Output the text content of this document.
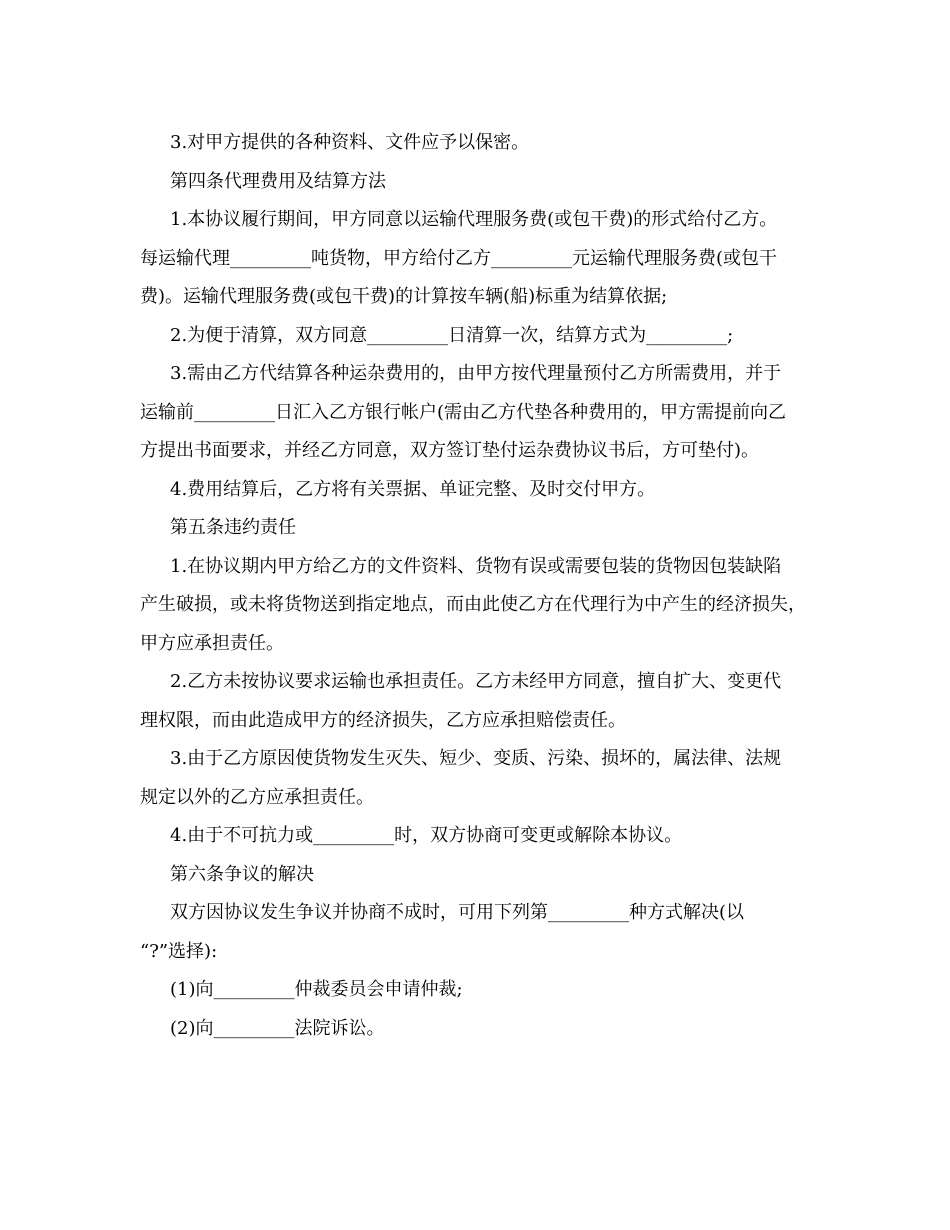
3.对甲方提供的各种资料、文件应予以保密。
第四条代理费用及结算方法
1.本协议履行期间，甲方同意以运输代理服务费(或包干费)的形式给付乙方。
每运输代理_________吨货物，甲方给付乙方_________元运输代理服务费(或包干
费)。运输代理服务费(或包干费)的计算按车辆(船)标重为结算依据;
2.为便于清算，双方同意_________日清算一次，结算方式为_________;
3.需由乙方代结算各种运杂费用的，由甲方按代理量预付乙方所需费用，并于
运输前_________日汇入乙方银行帐户(需由乙方代垫各种费用的，甲方需提前向乙
方提出书面要求，并经乙方同意，双方签订垫付运杂费协议书后，方可垫付)。
4.费用结算后，乙方将有关票据、单证完整、及时交付甲方。
第五条违约责任
1.在协议期内甲方给乙方的文件资料、货物有误或需要包装的货物因包装缺陷
产生破损，或未将货物送到指定地点，而由此使乙方在代理行为中产生的经济损失，
甲方应承担责任。
2.乙方未按协议要求运输也承担责任。乙方未经甲方同意，擅自扩大、变更代
理权限，而由此造成甲方的经济损失，乙方应承担赔偿责任。
3.由于乙方原因使货物发生灭失、短少、变质、污染、损坏的，属法律、法规
规定以外的乙方应承担责任。
4.由于不可抗力或_________时，双方协商可变更或解除本协议。
第六条争议的解决
双方因协议发生争议并协商不成时，可用下列第_________种方式解决(以
“?”选择):
(1)向_________仲裁委员会申请仲裁;
(2)向_________法院诉讼。
